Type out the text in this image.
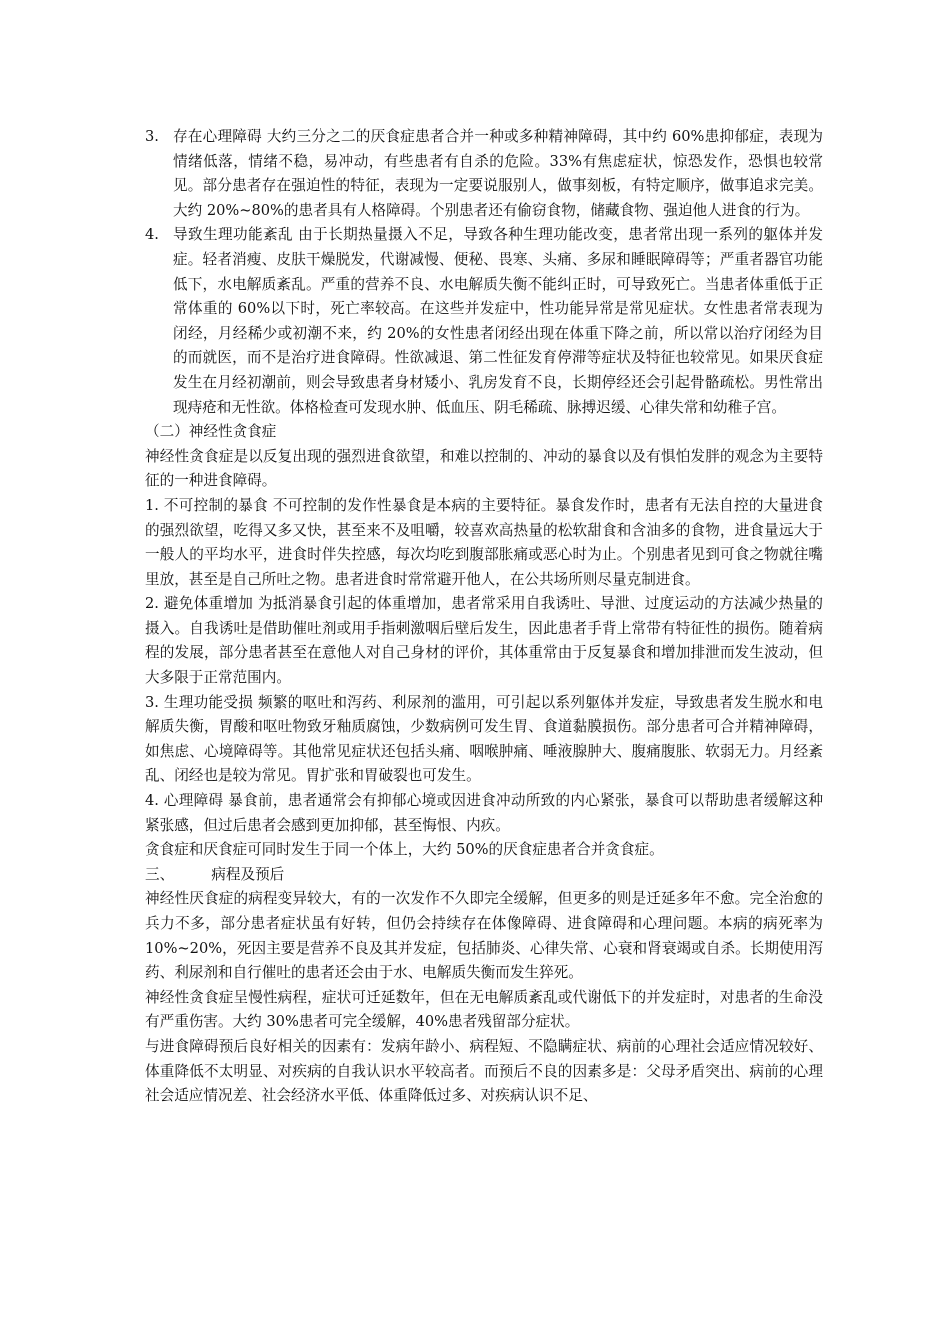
3. 存在心理障碍 大约三分之二的厌食症患者合并一种或多种精神障碍，其中约 60%患抑郁症，表现为情绪低落，情绪不稳，易冲动，有些患者有自杀的危险。33%有焦虑症状，惊恐发作，恐惧也较常见。部分患者存在强迫性的特征，表现为一定要说服别人，做事刻板，有特定顺序，做事追求完美。大约 20%~80%的患者具有人格障碍。个别患者还有偷窃食物，储藏食物、强迫他人进食的行为。
4. 导致生理功能紊乱 由于长期热量摄入不足，导致各种生理功能改变，患者常出现一系列的躯体并发症。轻者消瘦、皮肤干燥脱发，代谢减慢、便秘、畏寒、头痛、多尿和睡眠障碍等；严重者器官功能低下，水电解质紊乱。严重的营养不良、水电解质失衡不能纠正时，可导致死亡。当患者体重低于正常体重的 60%以下时，死亡率较高。在这些并发症中，性功能异常是常见症状。女性患者常表现为闭经，月经稀少或初潮不来，约 20%的女性患者闭经出现在体重下降之前，所以常以治疗闭经为目的而就医，而不是治疗进食障碍。性欲减退、第二性征发育停滞等症状及特征也较常见。如果厌食症发生在月经初潮前，则会导致患者身材矮小、乳房发育不良，长期停经还会引起骨骼疏松。男性常出现痔疮和无性欲。体格检查可发现水肿、低血压、阴毛稀疏、脉搏迟缓、心律失常和幼稚子宫。

（二）神经性贪食症

神经性贪食症是以反复出现的强烈进食欲望，和难以控制的、冲动的暴食以及有惧怕发胖的观念为主要特征的一种进食障碍。

1. 不可控制的暴食 不可控制的发作性暴食是本病的主要特征。暴食发作时，患者有无法自控的大量进食的强烈欲望，吃得又多又快，甚至来不及咀嚼，较喜欢高热量的松软甜食和含油多的食物，进食量远大于一般人的平均水平，进食时伴失控感，每次均吃到腹部胀痛或恶心时为止。个别患者见到可食之物就往嘴里放，甚至是自己所吐之物。患者进食时常常避开他人，在公共场所则尽量克制进食。

2. 避免体重增加 为抵消暴食引起的体重增加，患者常采用自我诱吐、导泄、过度运动的方法减少热量的摄入。自我诱吐是借助催吐剂或用手指刺激咽后壁后发生，因此患者手背上常带有特征性的损伤。随着病程的发展，部分患者甚至在意他人对自己身材的评价，其体重常由于反复暴食和增加排泄而发生波动，但大多限于正常范围内。

3. 生理功能受损 频繁的呕吐和泻药、利尿剂的滥用，可引起以系列躯体并发症，导致患者发生脱水和电解质失衡，胃酸和呕吐物致牙釉质腐蚀，少数病例可发生胃、食道黏膜损伤。部分患者可合并精神障碍，如焦虑、心境障碍等。其他常见症状还包括头痛、咽喉肿痛、唾液腺肿大、腹痛腹胀、软弱无力。月经紊乱、闭经也是较为常见。胃扩张和胃破裂也可发生。

4. 心理障碍 暴食前，患者通常会有抑郁心境或因进食冲动所致的内心紧张，暴食可以帮助患者缓解这种紧张感，但过后患者会感到更加抑郁，甚至悔恨、内疚。

贪食症和厌食症可同时发生于同一个体上，大约 50%的厌食症患者合并贪食症。

三、        病程及预后

神经性厌食症的病程变异较大，有的一次发作不久即完全缓解，但更多的则是迁延多年不愈。完全治愈的兵力不多，部分患者症状虽有好转，但仍会持续存在体像障碍、进食障碍和心理问题。本病的病死率为 10%~20%，死因主要是营养不良及其并发症，包括肺炎、心律失常、心衰和肾衰竭或自杀。长期使用泻药、利尿剂和自行催吐的患者还会由于水、电解质失衡而发生猝死。

神经性贪食症呈慢性病程，症状可迁延数年，但在无电解质紊乱或代谢低下的并发症时，对患者的生命没有严重伤害。大约 30%患者可完全缓解，40%患者残留部分症状。

与进食障碍预后良好相关的因素有：发病年龄小、病程短、不隐瞒症状、病前的心理社会适应情况较好、体重降低不太明显、对疾病的自我认识水平较高者。而预后不良的因素多是：父母矛盾突出、病前的心理社会适应情况差、社会经济水平低、体重降低过多、对疾病认识不足、
